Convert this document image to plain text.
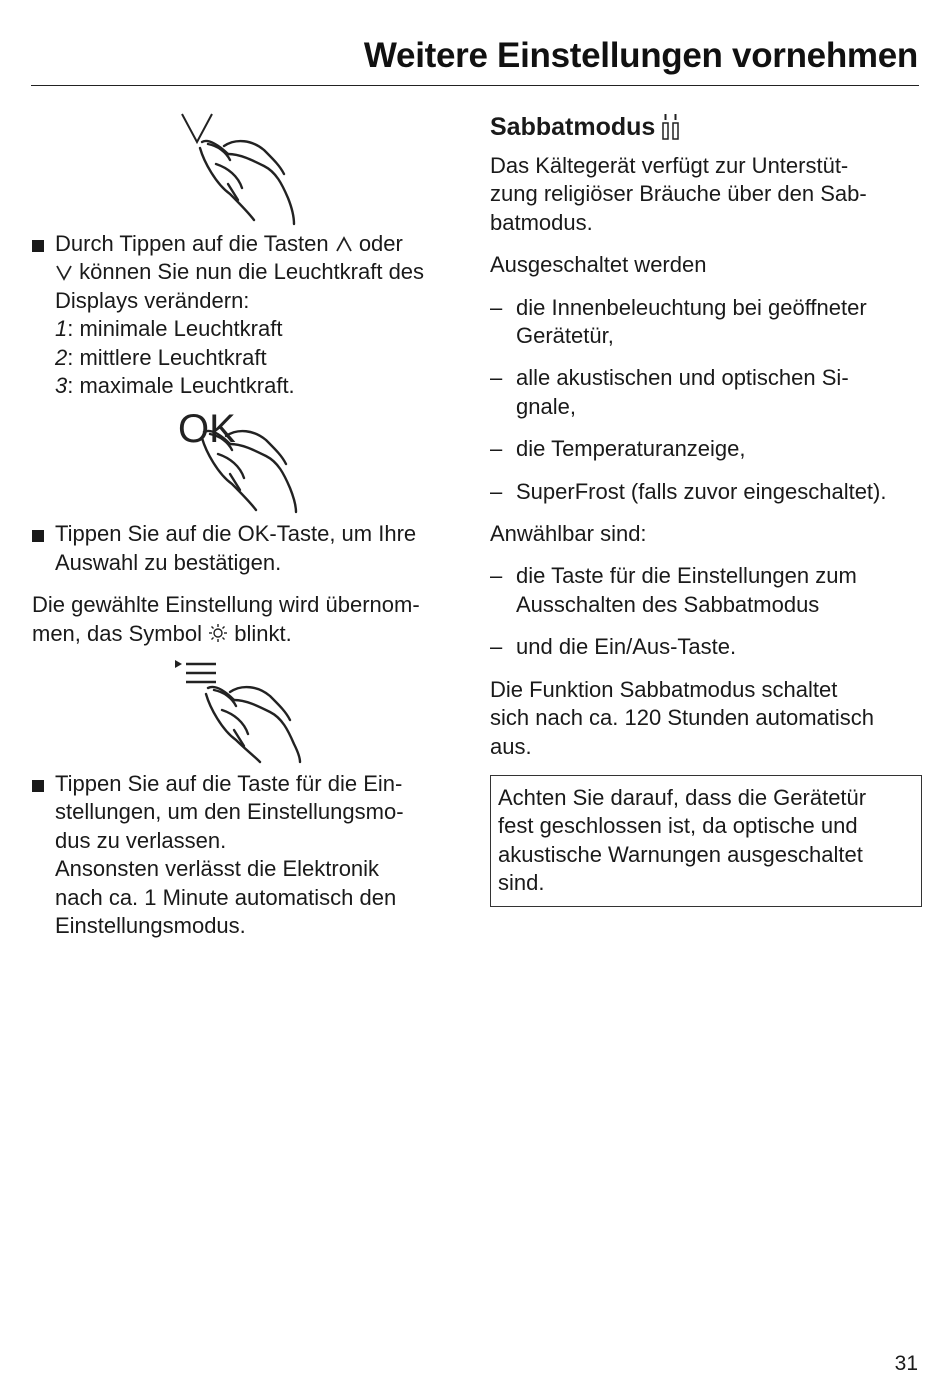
Weitere Einstellungen vornehmen

Durch Tippen auf die Tasten oder
können Sie nun die Leuchtkraft des
Displays verändern:
1: minimale Leuchtkraft
2: mittlere Leuchtkraft
3: maximale Leuchtkraft.

OK

Tippen Sie auf die OK-Taste, um Ihre
Auswahl zu bestätigen.

Die gewählte Einstellung wird übernom-
men, das Symbol blinkt.

Tippen Sie auf die Taste für die Ein-
stellungen, um den Einstellungsmo-
dus zu verlassen.
Ansonsten verlässt die Elektronik
nach ca. 1 Minute automatisch den
Einstellungsmodus.

Sabbatmodus

Das Kältegerät verfügt zur Unterstüt-
zung religiöser Bräuche über den Sab-
batmodus.

Ausgeschaltet werden

– die Innenbeleuchtung bei geöffneter
Gerätetür,
– alle akustischen und optischen Si-
gnale,
– die Temperaturanzeige,
– SuperFrost (falls zuvor eingeschaltet).

Anwählbar sind:

– die Taste für die Einstellungen zum
Ausschalten des Sabbatmodus
– und die Ein/Aus-Taste.

Die Funktion Sabbatmodus schaltet
sich nach ca. 120 Stunden automatisch
aus.

Achten Sie darauf, dass die Gerätetür
fest geschlossen ist, da optische und
akustische Warnungen ausgeschaltet
sind.
31
